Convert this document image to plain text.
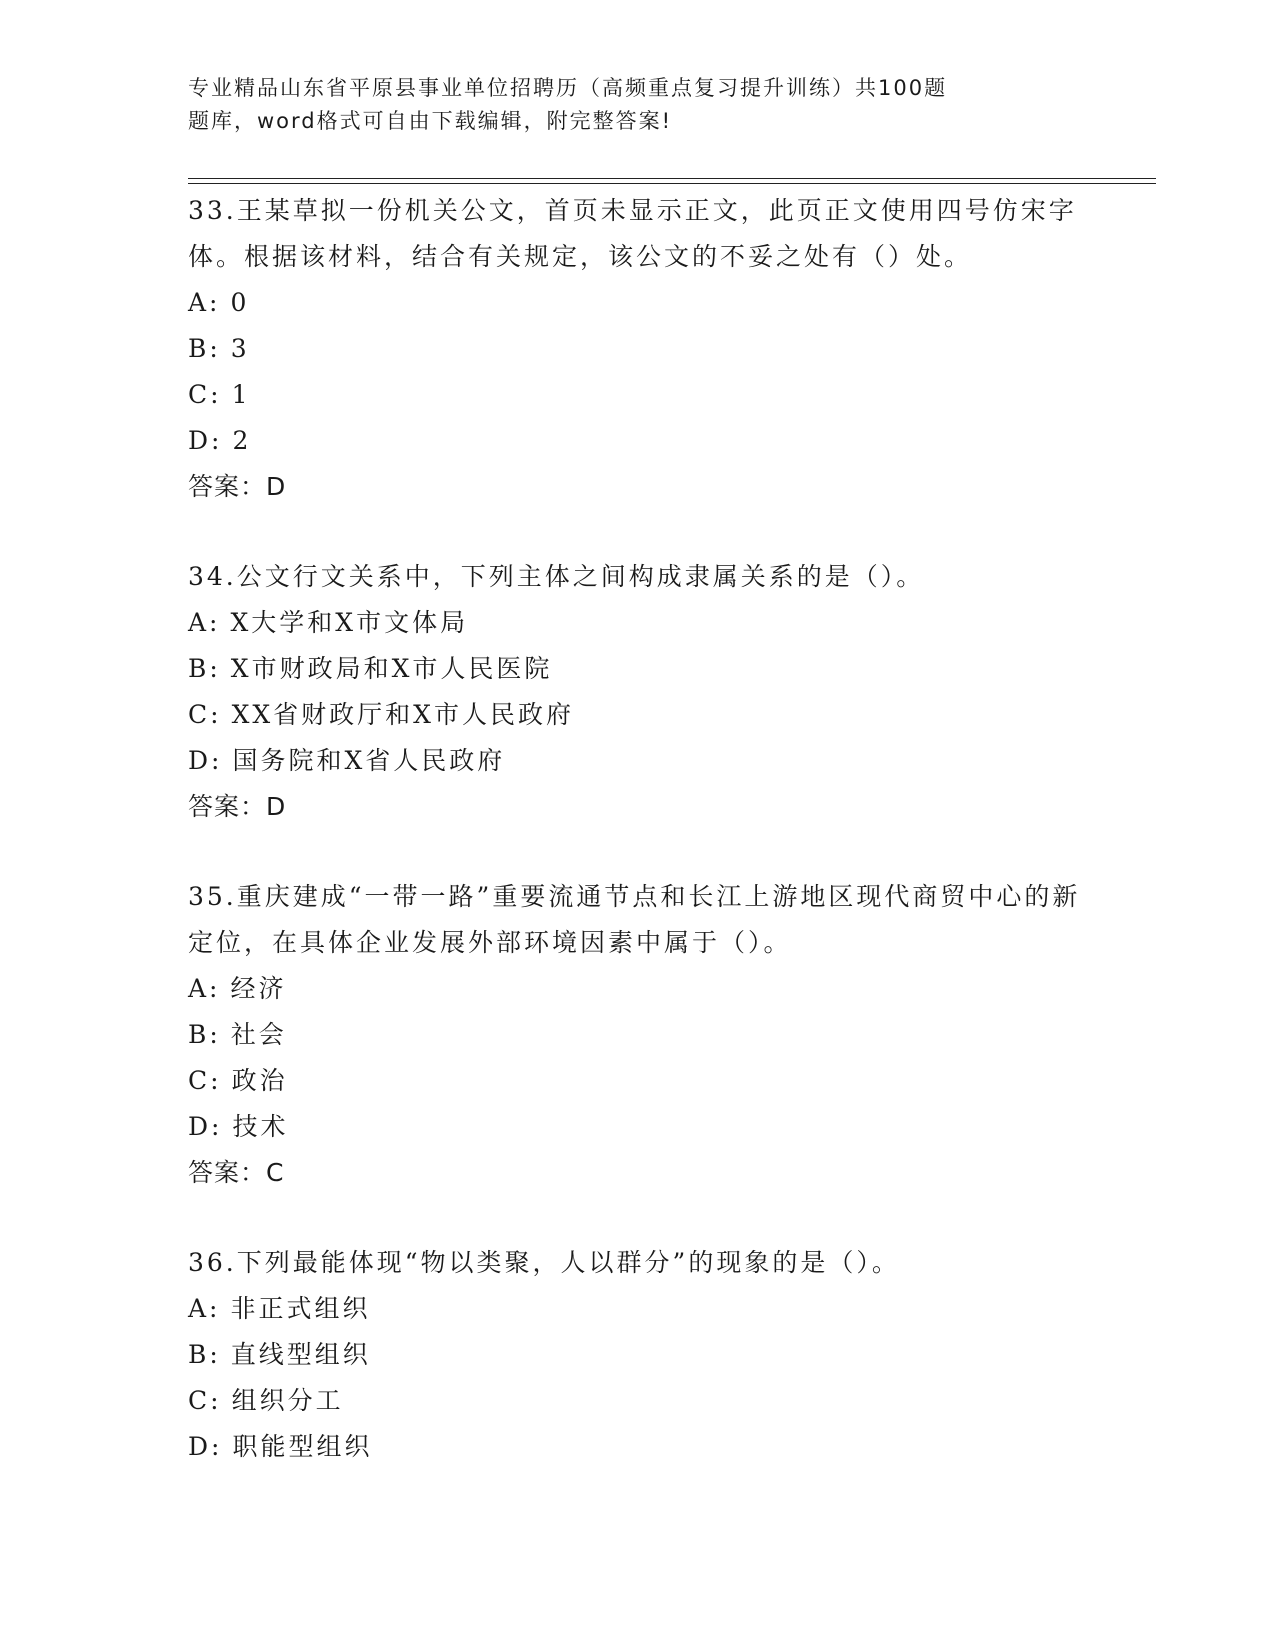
专业精品山东省平原县事业单位招聘历（高频重点复习提升训练）共100题
题库，word格式可自由下载编辑，附完整答案!

33.王某草拟一份机关公文，首页未显示正文，此页正文使用四号仿宋字体。根据该材料，结合有关规定，该公文的不妥之处有（）处。

A: 0

B: 3

C: 1

D: 2

答案：D

34.公文行文关系中，下列主体之间构成隶属关系的是（）。

A: X大学和X市文体局

B: X市财政局和X市人民医院

C: XX省财政厅和X市人民政府

D: 国务院和X省人民政府

答案：D

35.重庆建成“一带一路”重要流通节点和长江上游地区现代商贸中心的新定位，在具体企业发展外部环境因素中属于（）。

A: 经济

B: 社会

C: 政治

D: 技术

答案：C

36.下列最能体现“物以类聚，人以群分”的现象的是（）。

A: 非正式组织

B: 直线型组织

C: 组织分工

D: 职能型组织
